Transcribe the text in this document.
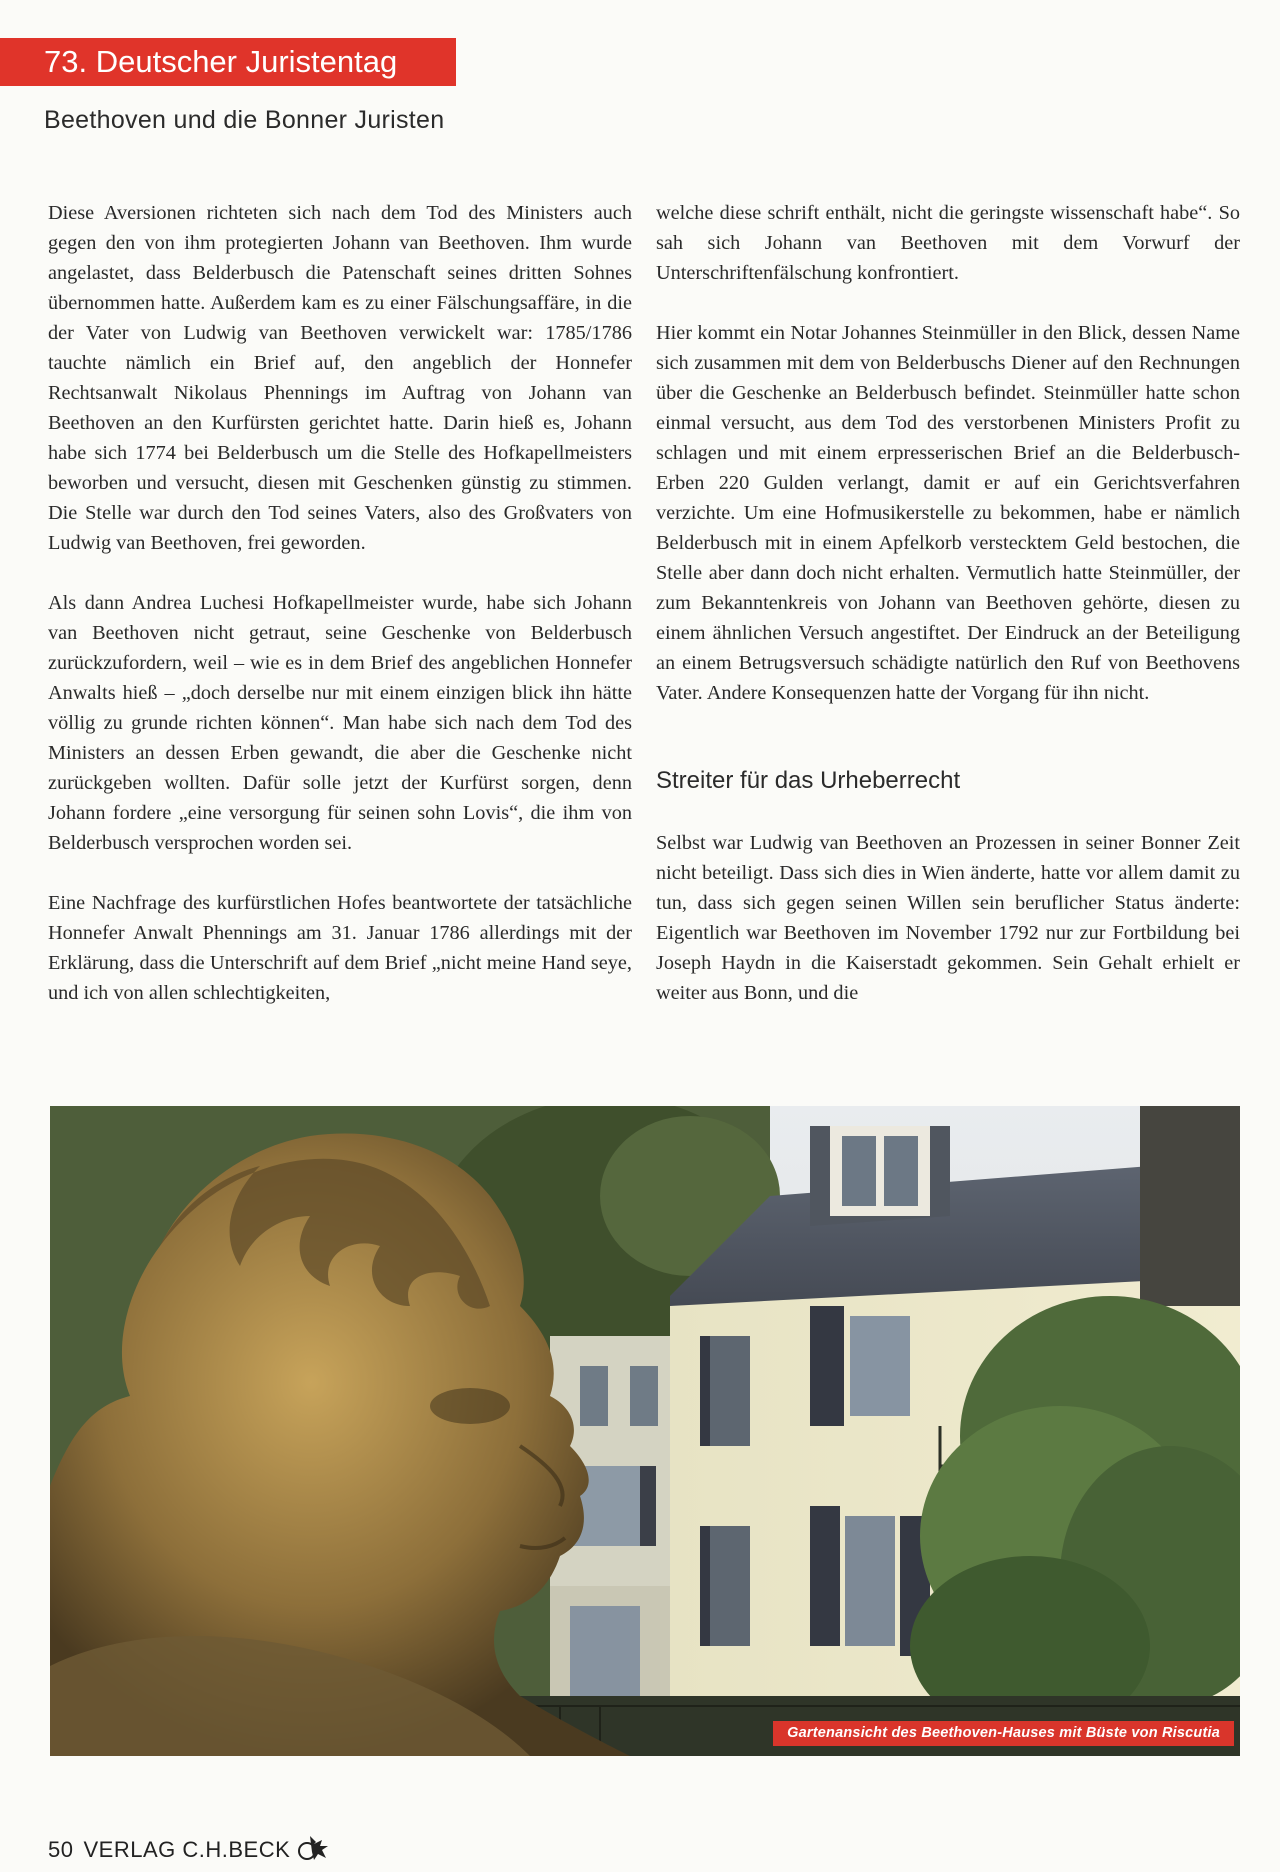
73. Deutscher Juristentag
Beethoven und die Bonner Juristen

Diese Aversionen richteten sich nach dem Tod des Ministers auch gegen den von ihm protegierten Johann van Beethoven. Ihm wurde angelastet, dass Belderbusch die Patenschaft seines dritten Sohnes übernommen hatte. Außerdem kam es zu einer Fälschungsaffäre, in die der Vater von Ludwig van Beethoven verwickelt war: 1785/1786 tauchte nämlich ein Brief auf, den angeblich der Honnefer Rechtsanwalt Nikolaus Phennings im Auftrag von Johann van Beethoven an den Kurfürsten gerichtet hatte. Darin hieß es, Johann habe sich 1774 bei Belderbusch um die Stelle des Hofkapellmeisters beworben und versucht, diesen mit Geschenken günstig zu stimmen. Die Stelle war durch den Tod seines Vaters, also des Großvaters von Ludwig van Beethoven, frei geworden.

Als dann Andrea Luchesi Hofkapellmeister wurde, habe sich Johann van Beethoven nicht getraut, seine Geschenke von Belderbusch zurückzufordern, weil – wie es in dem Brief des angeblichen Honnefer Anwalts hieß – „doch derselbe nur mit einem einzigen blick ihn hätte völlig zu grunde richten können“. Man habe sich nach dem Tod des Ministers an dessen Erben gewandt, die aber die Geschenke nicht zurückgeben wollten. Dafür solle jetzt der Kurfürst sorgen, denn Johann fordere „eine versorgung für seinen sohn Lovis“, die ihm von Belderbusch versprochen worden sei.

Eine Nachfrage des kurfürstlichen Hofes beantwortete der tatsächliche Honnefer Anwalt Phennings am 31. Januar 1786 allerdings mit der Erklärung, dass die Unterschrift auf dem Brief „nicht meine Hand seye, und ich von allen schlechtigkeiten,

welche diese schrift enthält, nicht die geringste wissenschaft habe“. So sah sich Johann van Beethoven mit dem Vorwurf der Unterschriftenfälschung konfrontiert.

Hier kommt ein Notar Johannes Steinmüller in den Blick, dessen Name sich zusammen mit dem von Belderbuschs Diener auf den Rechnungen über die Geschenke an Belderbusch befindet. Steinmüller hatte schon einmal versucht, aus dem Tod des verstorbenen Ministers Profit zu schlagen und mit einem erpresserischen Brief an die Belderbusch-Erben 220 Gulden verlangt, damit er auf ein Gerichtsverfahren verzichte. Um eine Hofmusikerstelle zu bekommen, habe er nämlich Belderbusch mit in einem Apfelkorb verstecktem Geld bestochen, die Stelle aber dann doch nicht erhalten. Vermutlich hatte Steinmüller, der zum Bekanntenkreis von Johann van Beethoven gehörte, diesen zu einem ähnlichen Versuch angestiftet. Der Eindruck an der Beteiligung an einem Betrugsversuch schädigte natürlich den Ruf von Beethovens Vater. Andere Konsequenzen hatte der Vorgang für ihn nicht.

Streiter für das Urheberrecht

Selbst war Ludwig van Beethoven an Prozessen in seiner Bonner Zeit nicht beteiligt. Dass sich dies in Wien änderte, hatte vor allem damit zu tun, dass sich gegen seinen Willen sein beruflicher Status änderte: Eigentlich war Beethoven im November 1792 nur zur Fortbildung bei Joseph Haydn in die Kaiserstadt gekommen. Sein Gehalt erhielt er weiter aus Bonn, und die

Gartenansicht des Beethoven-Hauses mit Büste von Riscutia
50 VERLAG C.H.BECK
